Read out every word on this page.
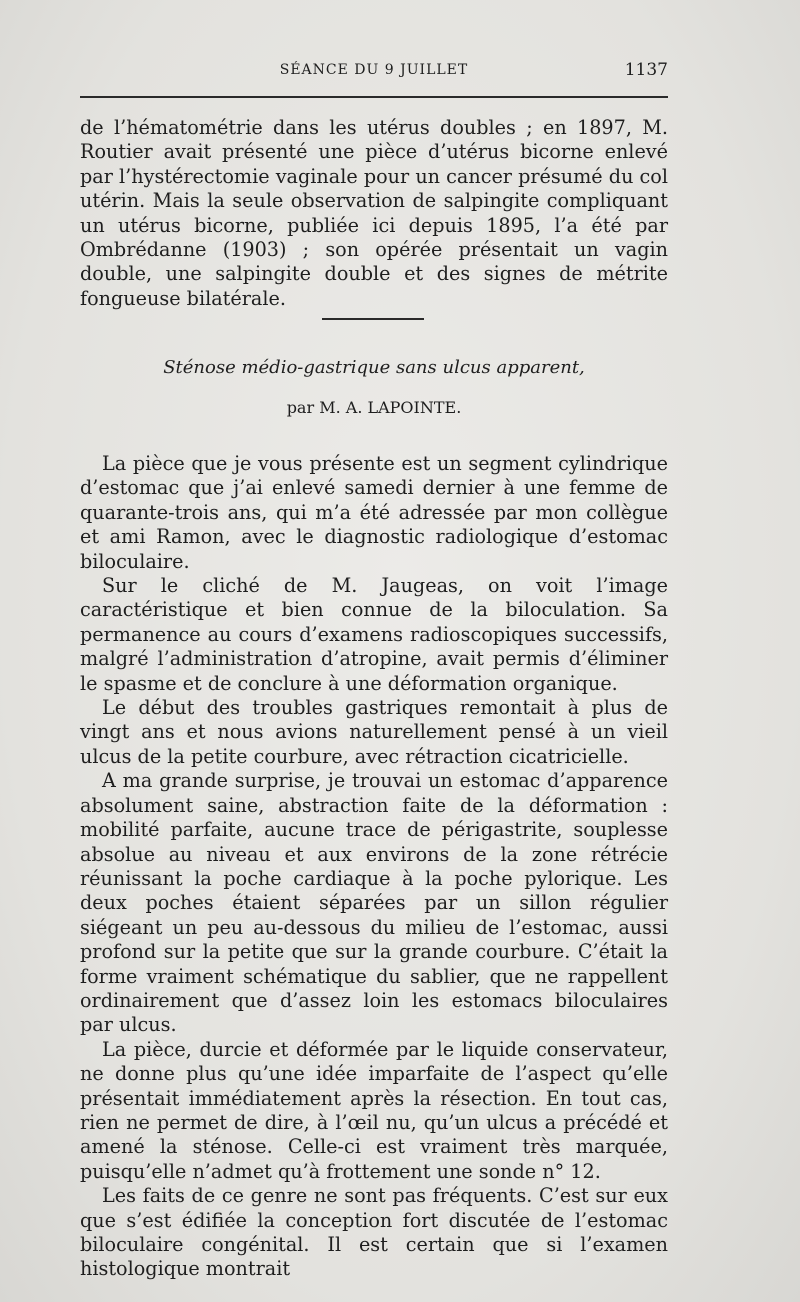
SÉANCE DU 9 JUILLET	1137
de l’hématométrie dans les utérus doubles ; en 1897, M. Routier avait présenté une pièce d’utérus bicorne enlevé par l’hystérectomie vaginale pour un cancer présumé du col utérin. Mais la seule observation de salpingite compliquant un utérus bicorne, publiée ici depuis 1895, l’a été par Ombrédanne (1903) ; son opérée présentait un vagin double, une salpingite double et des signes de métrite fongueuse bilatérale.
Sténose médio-gastrique sans ulcus apparent,
par M. A. LAPOINTE.

La pièce que je vous présente est un segment cylindrique d’estomac que j’ai enlevé samedi dernier à une femme de quarante-trois ans, qui m’a été adressée par mon collègue et ami Ramon, avec le diagnostic radiologique d’estomac biloculaire.

Sur le cliché de M. Jaugeas, on voit l’image caractéristique et bien connue de la biloculation. Sa permanence au cours d’examens radioscopiques successifs, malgré l’administration d’atropine, avait permis d’éliminer le spasme et de conclure à une déformation organique.

Le début des troubles gastriques remontait à plus de vingt ans et nous avions naturellement pensé à un vieil ulcus de la petite courbure, avec rétraction cicatricielle.

A ma grande surprise, je trouvai un estomac d’apparence absolument saine, abstraction faite de la déformation : mobilité parfaite, aucune trace de périgastrite, souplesse absolue au niveau et aux environs de la zone rétrécie réunissant la poche cardiaque à la poche pylorique. Les deux poches étaient séparées par un sillon régulier siégeant un peu au-dessous du milieu de l’estomac, aussi profond sur la petite que sur la grande courbure. C’était la forme vraiment schématique du sablier, que ne rappellent ordinairement que d’assez loin les estomacs biloculaires par ulcus.

La pièce, durcie et déformée par le liquide conservateur, ne donne plus qu’une idée imparfaite de l’aspect qu’elle présentait immédiatement après la résection. En tout cas, rien ne permet de dire, à l’œil nu, qu’un ulcus a précédé et amené la sténose. Celle-ci est vraiment très marquée, puisqu’elle n’admet qu’à frottement une sonde n° 12.

Les faits de ce genre ne sont pas fréquents. C’est sur eux que s’est édifiée la conception fort discutée de l’estomac biloculaire congénital. Il est certain que si l’examen histologique montrait
